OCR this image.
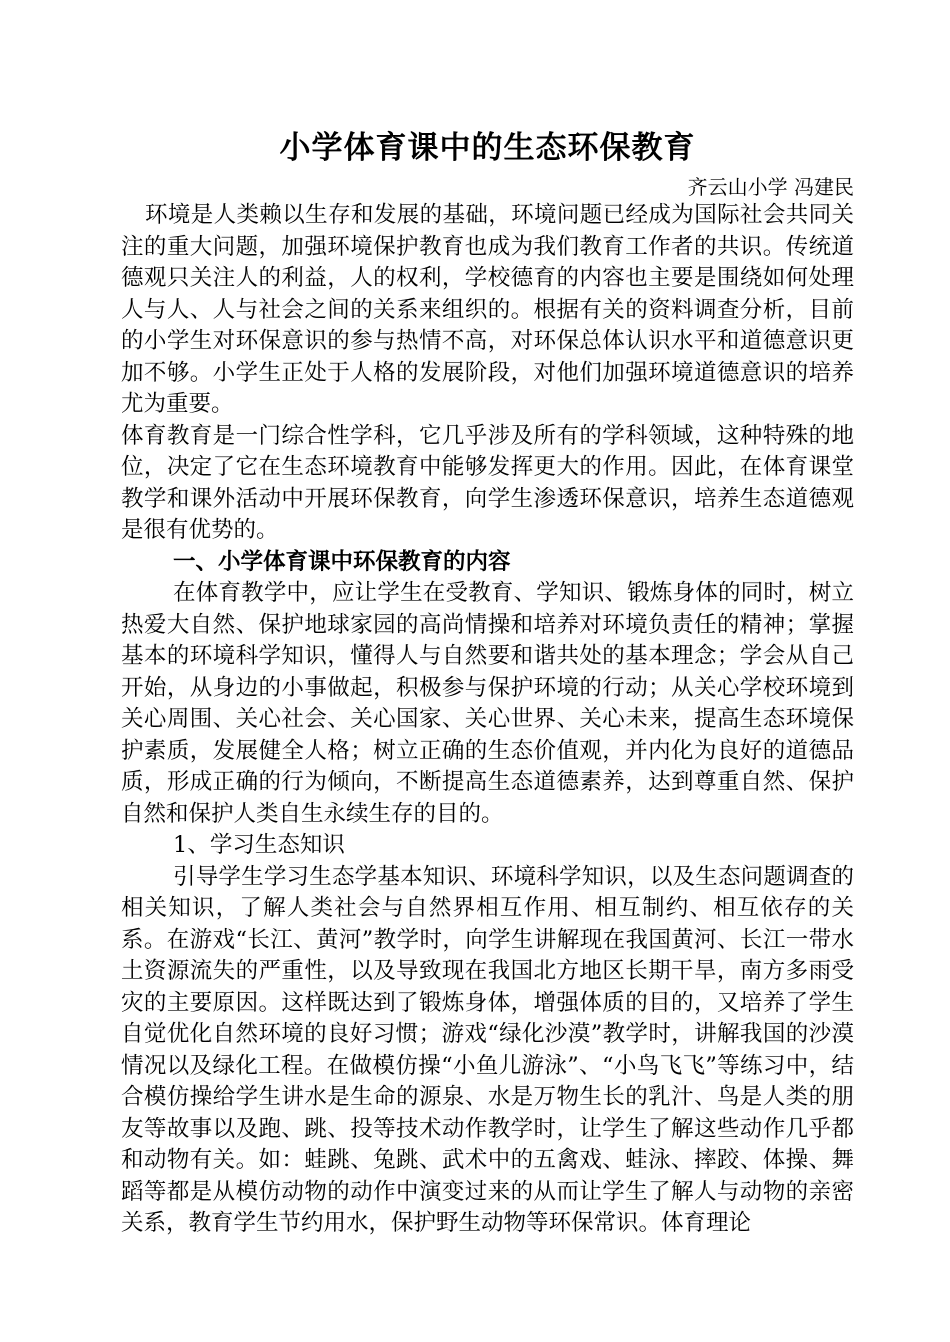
小学体育课中的生态环保教育

齐云山小学 冯建民

环境是人类赖以生存和发展的基础，环境问题已经成为国际社会共同关注的重大问题，加强环境保护教育也成为我们教育工作者的共识。传统道德观只关注人的利益，人的权利，学校德育的内容也主要是围绕如何处理人与人、人与社会之间的关系来组织的。根据有关的资料调查分析，目前的小学生对环保意识的参与热情不高，对环保总体认识水平和道德意识更加不够。小学生正处于人格的发展阶段，对他们加强环境道德意识的培养尤为重要。

体育教育是一门综合性学科，它几乎涉及所有的学科领域，这种特殊的地位，决定了它在生态环境教育中能够发挥更大的作用。因此，在体育课堂教学和课外活动中开展环保教育，向学生渗透环保意识，培养生态道德观是很有优势的。

一、小学体育课中环保教育的内容

在体育教学中，应让学生在受教育、学知识、锻炼身体的同时，树立热爱大自然、保护地球家园的高尚情操和培养对环境负责任的精神；掌握基本的环境科学知识，懂得人与自然要和谐共处的基本理念；学会从自己开始，从身边的小事做起，积极参与保护环境的行动；从关心学校环境到关心周围、关心社会、关心国家、关心世界、关心未来，提高生态环境保护素质，发展健全人格；树立正确的生态价值观，并内化为良好的道德品质，形成正确的行为倾向，不断提高生态道德素养，达到尊重自然、保护自然和保护人类自生永续生存的目的。

1、学习生态知识

引导学生学习生态学基本知识、环境科学知识，以及生态问题调查的相关知识，了解人类社会与自然界相互作用、相互制约、相互依存的关系。在游戏“长江、黄河”教学时，向学生讲解现在我国黄河、长江一带水土资源流失的严重性，以及导致现在我国北方地区长期干旱，南方多雨受灾的主要原因。这样既达到了锻炼身体，增强体质的目的，又培养了学生自觉优化自然环境的良好习惯；游戏“绿化沙漠”教学时，讲解我国的沙漠情况以及绿化工程。在做模仿操“小鱼儿游泳”、“小鸟飞飞”等练习中，结合模仿操给学生讲水是生命的源泉、水是万物生长的乳汁、鸟是人类的朋友等故事以及跑、跳、投等技术动作教学时，让学生了解这些动作几乎都和动物有关。如：蛙跳、兔跳、武术中的五禽戏、蛙泳、摔跤、体操、舞蹈等都是从模仿动物的动作中演变过来的从而让学生了解人与动物的亲密关系，教育学生节约用水，保护野生动物等环保常识。体育理论
